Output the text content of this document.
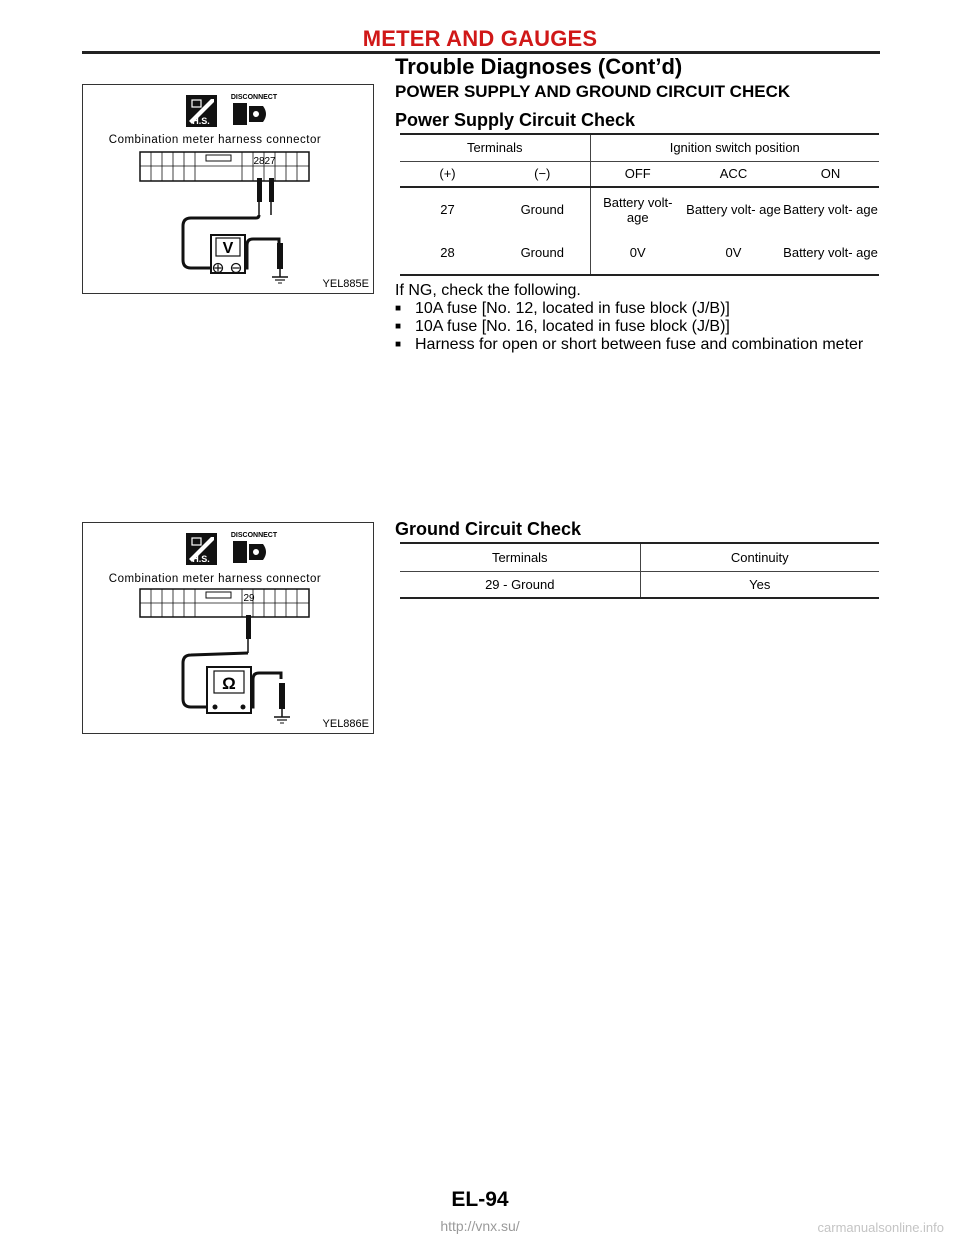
METER AND GAUGES
Trouble Diagnoses (Cont’d)
H.S.
DISCONNECT
Combination meter harness connector
28 27
V
YEL885E
POWER SUPPLY AND GROUND CIRCUIT CHECK
Power Supply Circuit Check
Terminals		Ignition switch position		
(+)	(−)	OFF	ACC	ON
27	Ground	Battery volt- age	Battery volt- age	Battery volt- age
28	Ground	0V	0V	Battery volt- age
If NG, check the following.
■ 10A fuse [No. 12, located in fuse block (J/B)]
■ 10A fuse [No. 16, located in fuse block (J/B)]
■ Harness for open or short between fuse and combination meter
H.S.
DISCONNECT
Combination meter harness connector
29
Ω
YEL886E
Ground Circuit Check
Terminals	Continuity
29 - Ground	Yes
EL-94
http://vnx.su/	carmanualsonline.info
